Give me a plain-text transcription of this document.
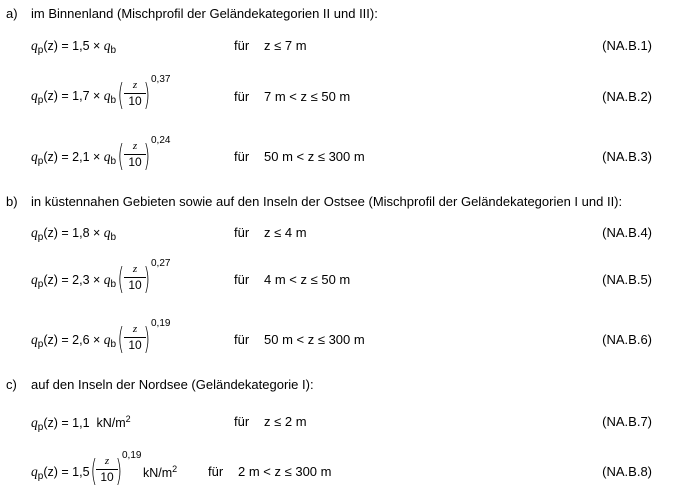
a) im Binnenland (Mischprofil der Geländekategorien II und III):
$q_p(z) = 1,5 \times q_b$	für z ≤ 7 m	(NA.B.1)
$q_p(z) = 1,7 \times q_b$ ( z
10 ) 0,37
für 7 m < z ≤ 50 m	(NA.B.2)
$q_p(z) = 2,1 \times q_b$ ( z
10 ) 0,24
für 50 m < z ≤ 300 m	(NA.B.3)
b) in küstennahen Gebieten sowie auf den Inseln der Ostsee (Mischprofil der Geländekategorien I und II):
$q_p(z) = 1,8 \times q_b$	für z ≤ 4 m	(NA.B.4)
$q_p(z) = 2,3 \times q_b$ ( z
10 ) 0,27
für 4 m < z ≤ 50 m	(NA.B.5)
$q_p(z) = 2,6 \times q_b$ ( z
10 ) 0,19
für 50 m < z ≤ 300 m	(NA.B.6)
c) auf den Inseln der Nordsee (Geländekategorie I):
$q_p(z) = 1,1$ $kN/m^2$	für z ≤ 2 m	(NA.B.7)
$q_p(z) = 1,5$ ( z
10 ) 0,19
$kN/m^2$ für 2 m < z ≤ 300 m	(NA.B.8)
